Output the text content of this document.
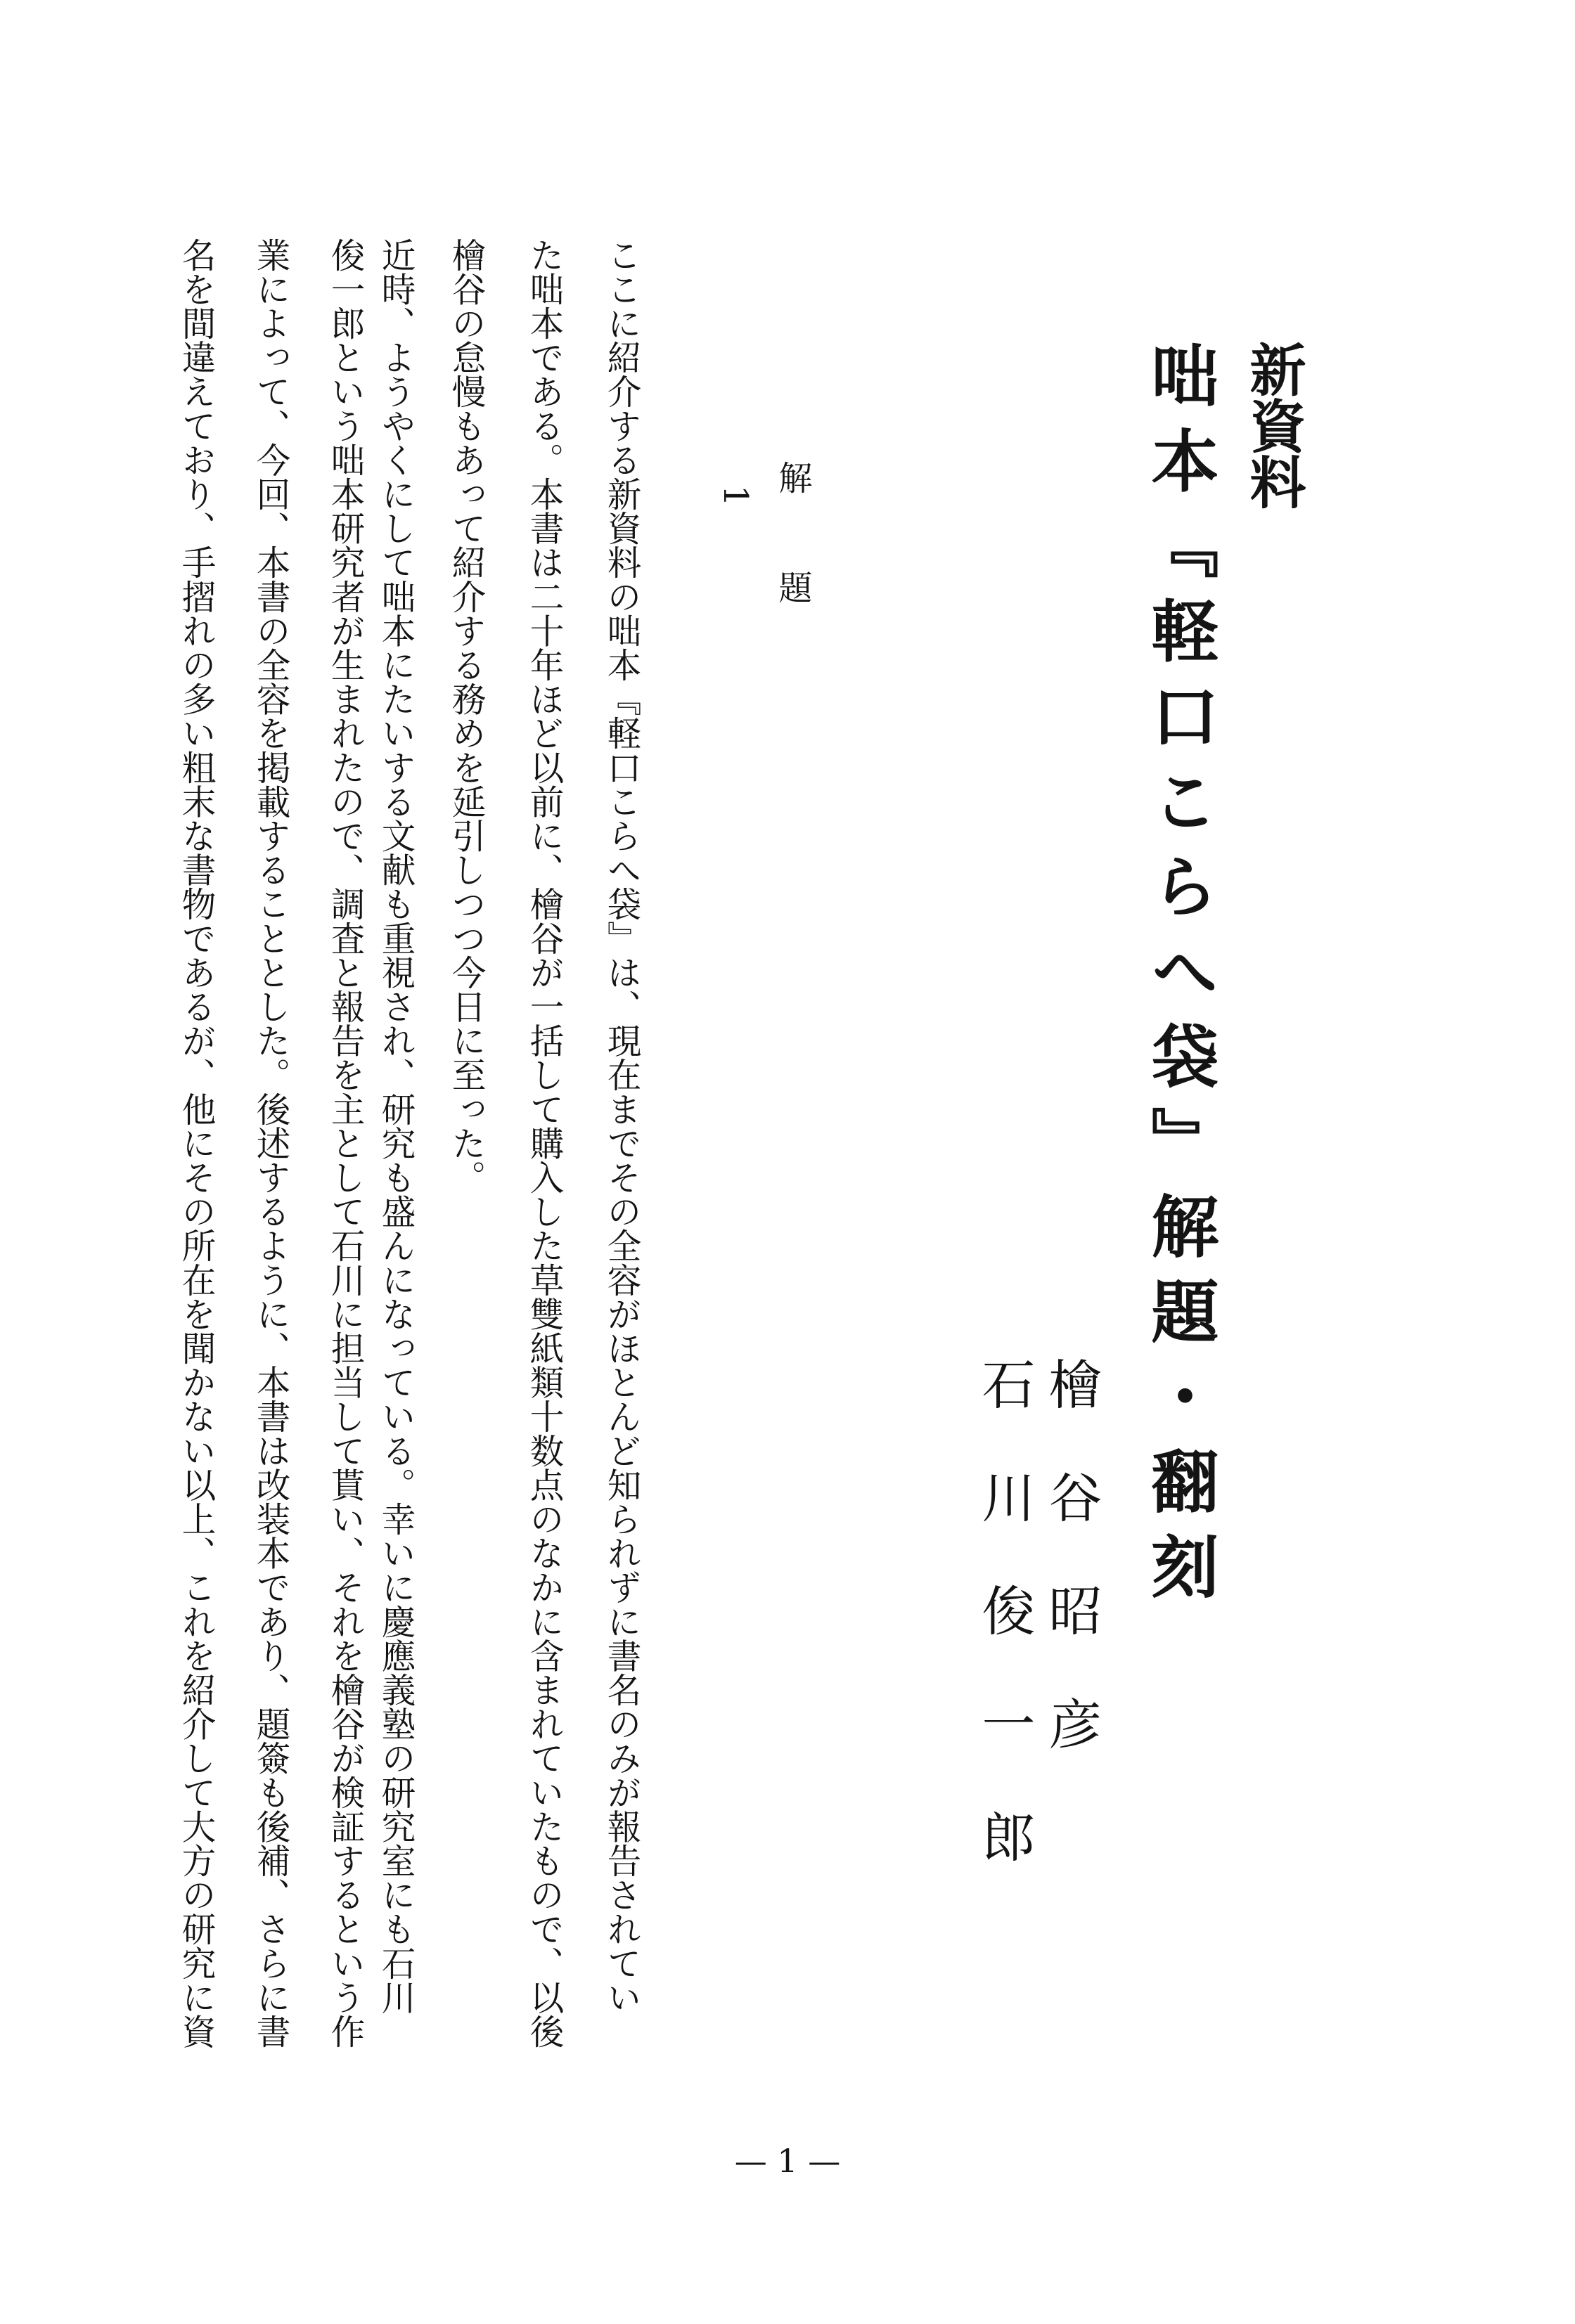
新資料
咄本『軽口こらへ袋』解題・翻刻
檜谷昭彦
石川俊一郎
解題
1

ここに紹介する新資料の咄本『軽口こらへ袋』は、現在までその全容がほとんど知られずに書名のみが報告されてい

た咄本である。本書は二十年ほど以前に、檜谷が一括して購入した草雙紙類十数点のなかに含まれていたもので、以後

檜谷の怠慢もあって紹介する務めを延引しつつ今日に至った。

近時、ようやくにして咄本にたいする文献も重視され、研究も盛んになっている。幸いに慶應義塾の研究室にも石川

俊一郎という咄本研究者が生まれたので、調査と報告を主として石川に担当して貰い、それを檜谷が検証するという作

業によって、今回、本書の全容を掲載することとした。後述するように、本書は改装本であり、題簽も後補、さらに書

名を間違えており、手摺れの多い粗末な書物であるが、他にその所在を聞かない以上、これを紹介して大方の研究に資

— 1 —
